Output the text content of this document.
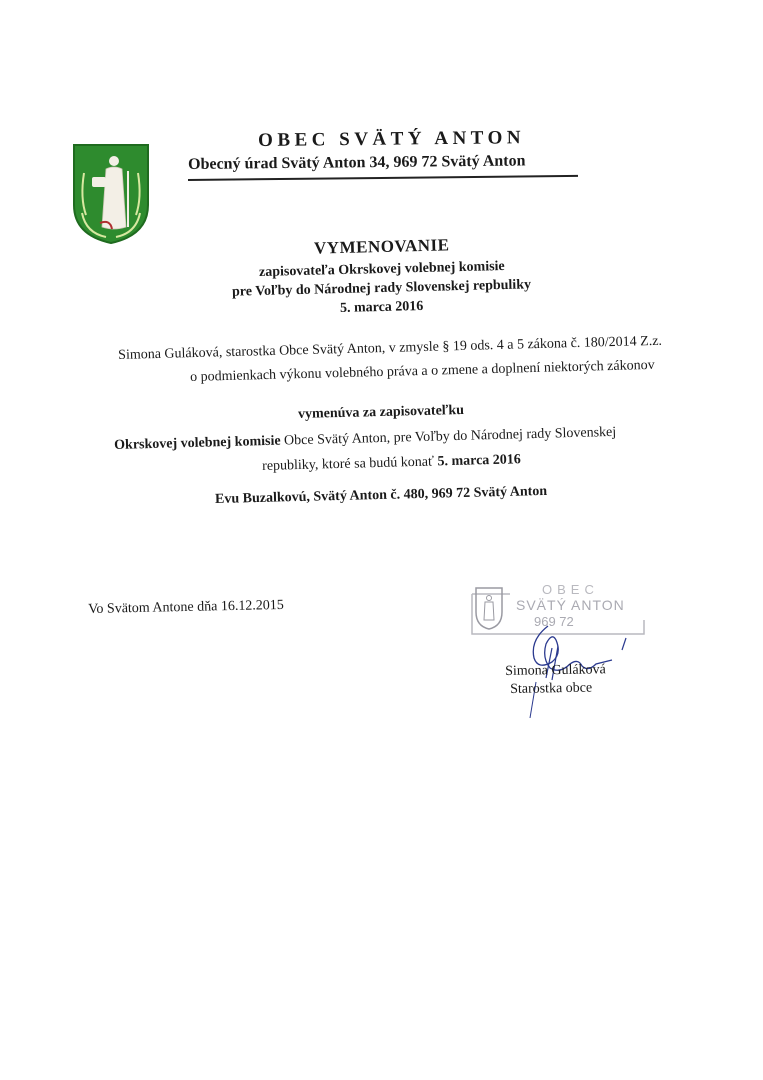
OBEC SVÄTÝ ANTON
Obecný úrad Svätý Anton 34, 969 72 Svätý Anton
VYMENOVANIE
zapisovateľa Okrskovej volebnej komisie
pre Voľby do Národnej rady Slovenskej repbuliky
5. marca 2016
Simona Guláková, starostka Obce Svätý Anton, v zmysle § 19 ods. 4 a 5 zákona č. 180/2014 Z.z.
o podmienkach výkonu volebného práva a o zmene a doplnení niektorých zákonov
vymenúva za zapisovateľku
Okrskovej volebnej komisie Obce Svätý Anton, pre Voľby do Národnej rady Slovenskej
republiky, ktoré sa budú konať 5. marca 2016
Evu Buzalkovú, Svätý Anton č. 480, 969 72 Svätý Anton
Vo Svätom Antone dňa 16.12.2015
OBEC
SVÄTÝ ANTON
969 72
Simona Guláková
Starostka obce
